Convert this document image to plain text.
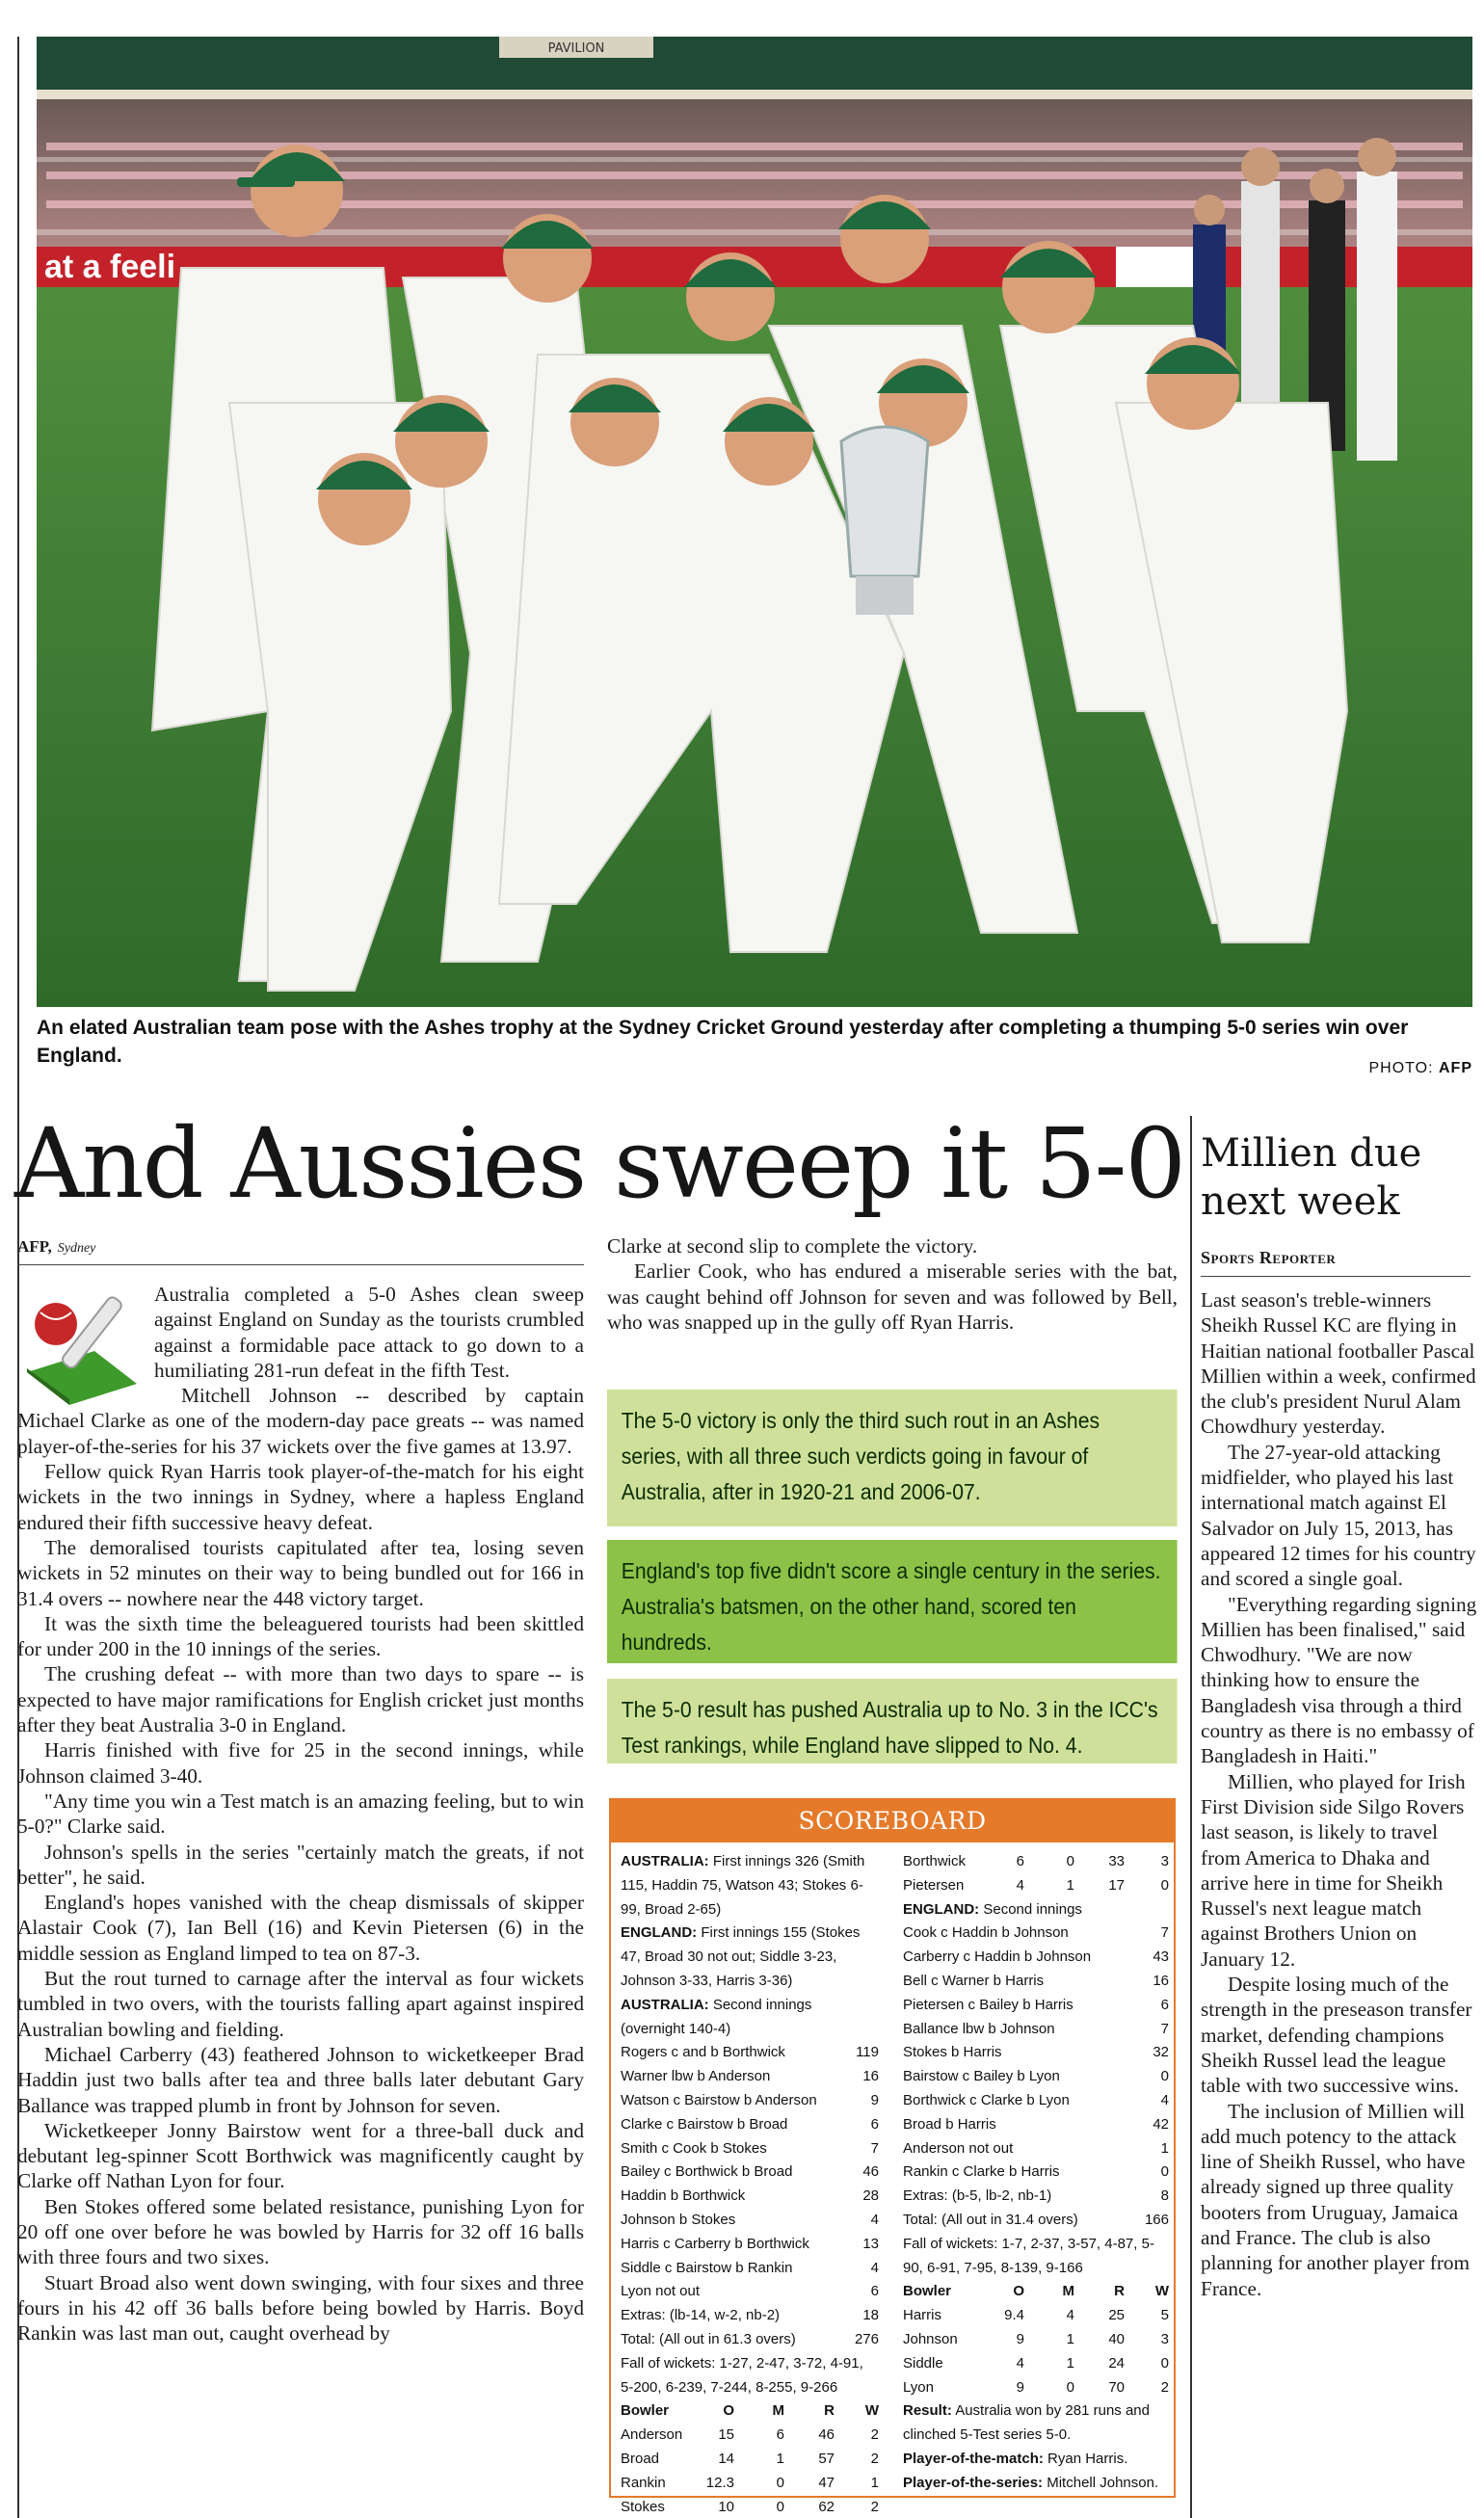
PAVILION
at a feeli
An elated Australian team pose with the Ashes trophy at the Sydney Cricket Ground yesterday after completing a thumping 5-0 series win over England.
PHOTO: AFP
And Aussies sweep it 5-0
AFP, Sydney

Australia completed a 5-0 Ashes clean sweep against England on Sunday as the tourists crumbled against a formidable pace attack to go down to a humiliating 281-run defeat in the fifth Test.

Mitchell Johnson -- described by captain Michael Clarke as one of the modern-day pace greats -- was named player-of-the-series for his 37 wickets over the five games at 13.97.

Fellow quick Ryan Harris took player-of-the-match for his eight wickets in the two innings in Sydney, where a hapless England endured their fifth successive heavy defeat.

The demoralised tourists capitulated after tea, losing seven wickets in 52 minutes on their way to being bundled out for 166 in 31.4 overs -- nowhere near the 448 victory target.

It was the sixth time the beleaguered tourists had been skittled for under 200 in the 10 innings of the series.

The crushing defeat -- with more than two days to spare -- is expected to have major ramifications for English cricket just months after they beat Australia 3-0 in England.

Harris finished with five for 25 in the second innings, while Johnson claimed 3-40.

"Any time you win a Test match is an amazing feeling, but to win 5-0?" Clarke said.

Johnson's spells in the series "certainly match the greats, if not better", he said.

England's hopes vanished with the cheap dismissals of skipper Alastair Cook (7), Ian Bell (16) and Kevin Pietersen (6) in the middle session as England limped to tea on 87-3.

But the rout turned to carnage after the interval as four wickets tumbled in two overs, with the tourists falling apart against inspired Australian bowling and fielding.

Michael Carberry (43) feathered Johnson to wicketkeeper Brad Haddin just two balls after tea and three balls later debutant Gary Ballance was trapped plumb in front by Johnson for seven.

Wicketkeeper Jonny Bairstow went for a three-ball duck and debutant leg-spinner Scott Borthwick was magnificently caught by Clarke off Nathan Lyon for four.

Ben Stokes offered some belated resistance, punishing Lyon for 20 off one over before he was bowled by Harris for 32 off 16 balls with three fours and two sixes.

Stuart Broad also went down swinging, with four sixes and three fours in his 42 off 36 balls before being bowled by Harris. Boyd Rankin was last man out, caught overhead by

Clarke at second slip to complete the victory.

Earlier Cook, who has endured a miserable series with the bat, was caught behind off Johnson for seven and was followed by Bell, who was snapped up in the gully off Ryan Harris.

The 5-0 victory is only the third such rout in an Ashes series, with all three such verdicts going in favour of Australia, after in 1920-21 and 2006-07.
England's top five didn't score a single century in the series. Australia's batsmen, on the other hand, scored ten hundreds.
The 5-0 result has pushed Australia up to No. 3 in the ICC's Test rankings, while England have slipped to No. 4.
SCOREBOARD
AUSTRALIA: First innings 326 (Smith 115, Haddin 75, Watson 43; Stokes 6-99, Broad 2-65)
ENGLAND: First innings 155 (Stokes 47, Broad 30 not out; Siddle 3-23, Johnson 3-33, Harris 3-36)
AUSTRALIA: Second innings (overnight 140-4)
Rogers c and b Borthwick	119
Warner lbw b Anderson	16
Watson c Bairstow b Anderson	9
Clarke c Bairstow b Broad	6
Smith c Cook b Stokes	7
Bailey c Borthwick b Broad	46
Haddin b Borthwick	28
Johnson b Stokes	4
Harris c Carberry b Borthwick	13
Siddle c Bairstow b Rankin	4
Lyon not out	6
Extras: (lb-14, w-2, nb-2)	18
Total: (All out in 61.3 overs)	276
Fall of wickets: 1-27, 2-47, 3-72, 4-91, 5-200, 6-239, 7-244, 8-255, 9-266
Bowler	O	M	R	W
Anderson	15	6	46	2
Broad	14	1	57	2
Rankin	12.3	0	47	1
Stokes	10	0	62	2
Borthwick	6	0	33	3
Pietersen	4	1	17	0
ENGLAND: Second innings
Cook c Haddin b Johnson	7
Carberry c Haddin b Johnson	43
Bell c Warner b Harris	16
Pietersen c Bailey b Harris	6
Ballance lbw b Johnson	7
Stokes b Harris	32
Bairstow c Bailey b Lyon	0
Borthwick c Clarke b Lyon	4
Broad b Harris	42
Anderson not out	1
Rankin c Clarke b Harris	0
Extras: (b-5, lb-2, nb-1)	8
Total: (All out in 31.4 overs)	166
Fall of wickets: 1-7, 2-37, 3-57, 4-87, 5-90, 6-91, 7-95, 8-139, 9-166
Bowler	O	M	R	W
Harris	9.4	4	25	5
Johnson	9	1	40	3
Siddle	4	1	24	0
Lyon	9	0	70	2
Result: Australia won by 281 runs and clinched 5-Test series 5-0.
Player-of-the-match: Ryan Harris.
Player-of-the-series: Mitchell Johnson.
Millien due next week
Sports Reporter

Last season's treble-winners Sheikh Russel KC are flying in Haitian national footballer Pascal Millien within a week, confirmed the club's president Nurul Alam Chowdhury yesterday.

The 27-year-old attacking midfielder, who played his last international match against El Salvador on July 15, 2013, has appeared 12 times for his country and scored a single goal.

"Everything regarding signing Millien has been finalised," said Chwodhury. "We are now thinking how to ensure the Bangladesh visa through a third country as there is no embassy of Bangladesh in Haiti."

Millien, who played for Irish First Division side Silgo Rovers last season, is likely to travel from America to Dhaka and arrive here in time for Sheikh Russel's next league match against Brothers Union on January 12.

Despite losing much of the strength in the preseason transfer market, defending champions Sheikh Russel lead the league table with two successive wins.

The inclusion of Millien will add much potency to the attack line of Sheikh Russel, who have already signed up three quality booters from Uruguay, Jamaica and France. The club is also planning for another player from France.
